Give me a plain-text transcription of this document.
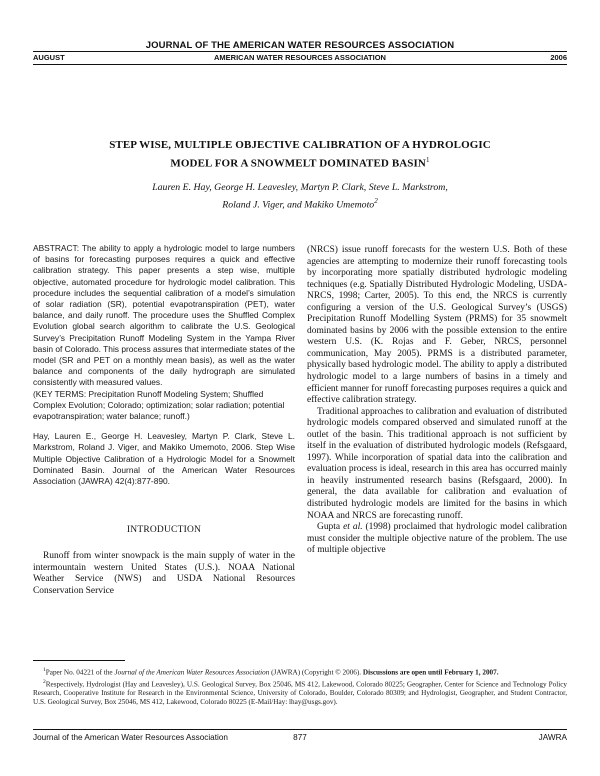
JOURNAL OF THE AMERICAN WATER RESOURCES ASSOCIATION
AUGUST	AMERICAN WATER RESOURCES ASSOCIATION	2006
STEP WISE, MULTIPLE OBJECTIVE CALIBRATION OF A HYDROLOGIC
MODEL FOR A SNOWMELT DOMINATED BASIN$^1$
Lauren E. Hay, George H. Leavesley, Martyn P. Clark, Steve L. Markstrom,
Roland J. Viger, and Makiko Umemoto$^2$
ABSTRACT: The ability to apply a hydrologic model to large numbers of basins for forecasting purposes requires a quick and effective calibration strategy. This paper presents a step wise, multiple objective, automated procedure for hydrologic model calibration. This procedure includes the sequential calibration of a model’s simulation of solar radiation (SR), potential evapotranspiration (PET), water balance, and daily runoff. The procedure uses the Shuffled Complex Evolution global search algorithm to calibrate the U.S. Geological Survey’s Precipitation Runoff Modeling System in the Yampa River basin of Colorado. This process assures that intermediate states of the model (SR and PET on a monthly mean basis), as well as the water balance and components of the daily hydrograph are simulated consistently with measured values.
(KEY TERMS: Precipitation Runoff Modeling System; Shuffled Complex Evolution; Colorado; optimization; solar radiation; potential evapotranspiration; water balance; runoff.)
Hay, Lauren E., George H. Leavesley, Martyn P. Clark, Steve L. Markstrom, Roland J. Viger, and Makiko Umemoto, 2006. Step Wise Multiple Objective Calibration of a Hydrologic Model for a Snowmelt Dominated Basin. Journal of the American Water Resources Association (JAWRA) 42(4):877-890.
INTRODUCTION
Runoff from winter snowpack is the main supply of water in the intermountain western United States (U.S.). NOAA National Weather Service (NWS) and USDA National Resources Conservation Service
(NRCS) issue runoff forecasts for the western U.S. Both of these agencies are attempting to modernize their runoff forecasting tools by incorporating more spatially distributed hydrologic modeling techniques (e.g. Spatially Distributed Hydrologic Modeling, USDA-NRCS, 1998; Carter, 2005). To this end, the NRCS is currently configuring a version of the U.S. Geological Survey’s (USGS) Precipitation Runoff Modelling System (PRMS) for 35 snowmelt dominated basins by 2006 with the possible extension to the entire western U.S. (K. Rojas and F. Geber, NRCS, personnel communication, May 2005). PRMS is a distributed parameter, physically based hydrologic model. The ability to apply a distributed hydrologic model to a large numbers of basins in a timely and efficient manner for runoff forecasting purposes requires a quick and effective calibration strategy.
Traditional approaches to calibration and evaluation of distributed hydrologic models compared observed and simulated runoff at the outlet of the basin. This traditional approach is not sufficient by itself in the evaluation of distributed hydrologic models (Refsgaard, 1997). While incorporation of spatial data into the calibration and evaluation process is ideal, research in this area has occurred mainly in heavily instrumented research basins (Refsgaard, 2000). In general, the data available for calibration and evaluation of distributed hydrologic models are limited for the basins in which NOAA and NRCS are forecasting runoff.
Gupta et al. (1998) proclaimed that hydrologic model calibration must consider the multiple objective nature of the problem. The use of multiple objective

$^1$Paper No. 04221 of the Journal of the American Water Resources Association (JAWRA) (Copyright © 2006). Discussions are open until February 1, 2007.

$^2$Respectively, Hydrologist (Hay and Leavesley), U.S. Geological Survey, Box 25046, MS 412, Lakewood, Colorado 80225; Geographer, Center for Science and Technology Policy Research, Cooperative Institute for Research in the Environmental Science, University of Colorado, Boulder, Colorado 80309; and Hydrologist, Geographer, and Student Contractor, U.S. Geological Survey, Box 25046, MS 412, Lakewood, Colorado 80225 (E-Mail/Hay: lhay@usgs.gov).

Journal of the American Water Resources Association	877	JAWRA
